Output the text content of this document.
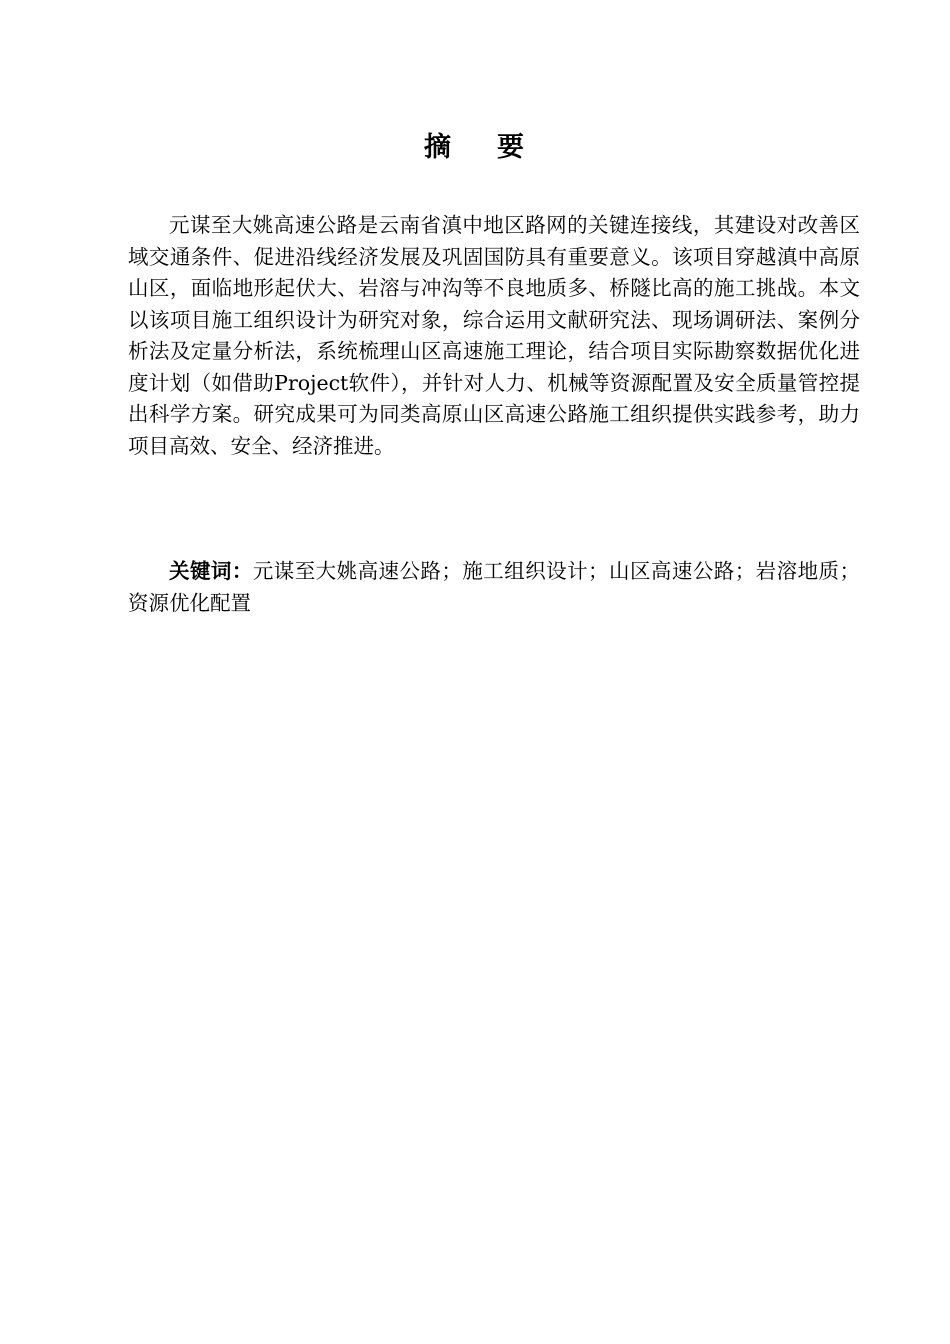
摘 要

元谋至大姚高速公路是云南省滇中地区路网的关键连接线，其建设对改善区域交通条件、促进沿线经济发展及巩固国防具有重要意义。该项目穿越滇中高原山区，面临地形起伏大、岩溶与冲沟等不良地质多、桥隧比高的施工挑战。本文以该项目施工组织设计为研究对象，综合运用文献研究法、现场调研法、案例分析法及定量分析法，系统梳理山区高速施工理论，结合项目实际勘察数据优化进度计划（如借助Project软件），并针对人力、机械等资源配置及安全质量管控提出科学方案。研究成果可为同类高原山区高速公路施工组织提供实践参考，助力项目高效、安全、经济推进。

关键词：元谋至大姚高速公路；施工组织设计；山区高速公路；岩溶地质；资源优化配置
